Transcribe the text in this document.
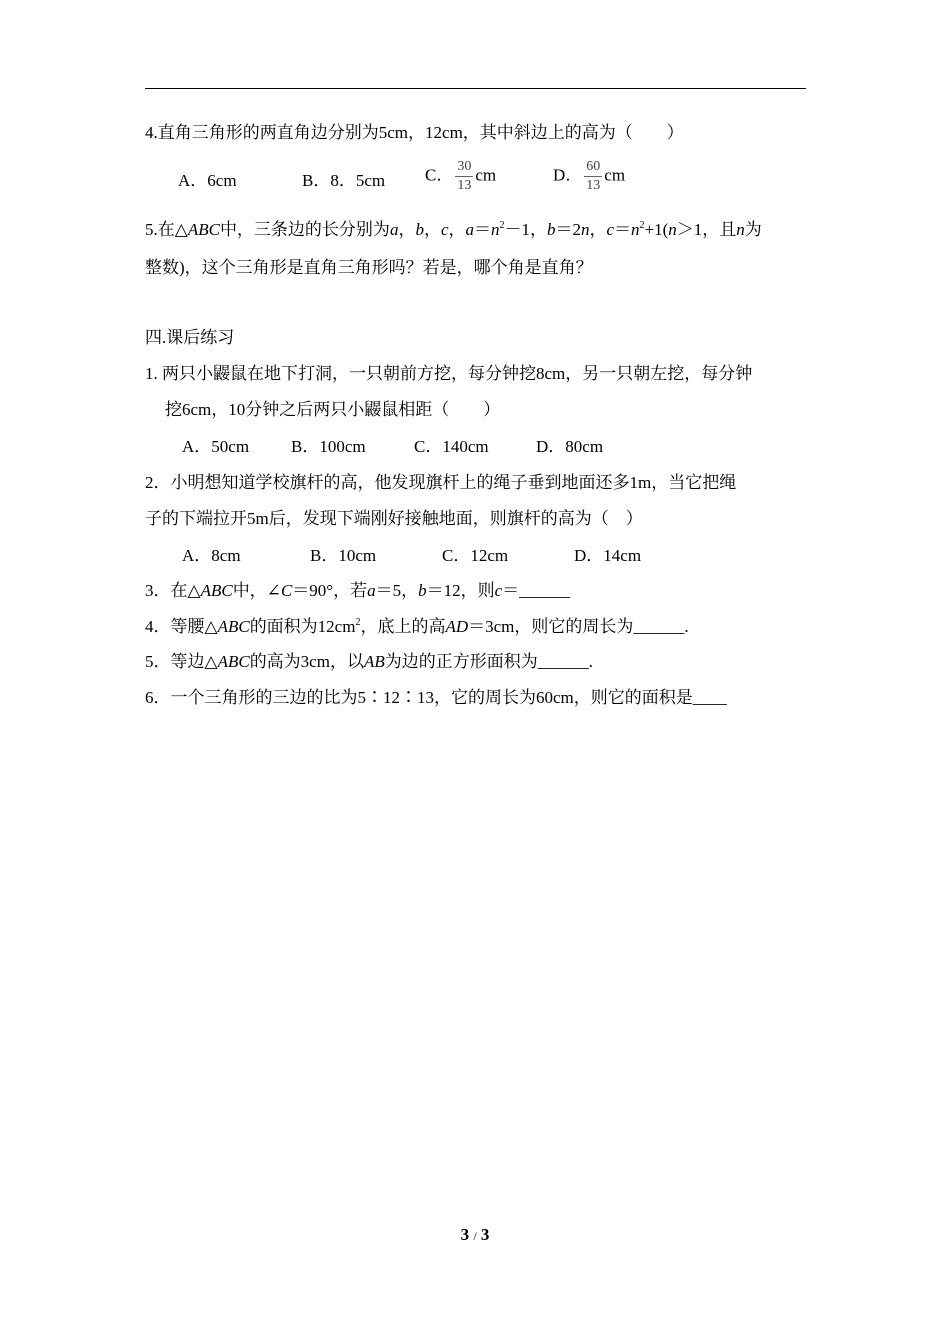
4.直角三角形的两直角边分别为5cm，12cm，其中斜边上的高为（　　）
A．6cm	B．8．5cm C． $\frac{30}{13}$ cm	D． $\frac{60}{13}$ cm
5.在△ABC中，三条边的长分别为a，b，c，$a=n^2-1$，b＝2n，$c=n^2+1(n>1$，且n为
整数)，这个三角形是直角三角形吗？若是，哪个角是直角？
四.课后练习
1. 两只小鼹鼠在地下打洞，一只朝前方挖，每分钟挖8cm，另一只朝左挖，每分钟
挖6cm，10分钟之后两只小鼹鼠相距（　　）
A．50cm B．100cm	C．140cm	D．80cm
2．小明想知道学校旗杆的高，他发现旗杆上的绳子垂到地面还多1m，当它把绳
子的下端拉开5m后，发现下端刚好接触地面，则旗杆的高为（　）
A．8cm	B．10cm	C．12cm	D．14cm
3．在△ABC中，∠C＝90°，若a＝5，b＝12，则c＝______
4．等腰△ABC的面积为$12cm^2$，底上的高AD＝3cm，则它的周长为______.
5．等边△ABC的高为3cm，以AB为边的正方形面积为______.
6．一个三角形的三边的比为5∶12∶13，它的周长为60cm，则它的面积是____
3 / 3
